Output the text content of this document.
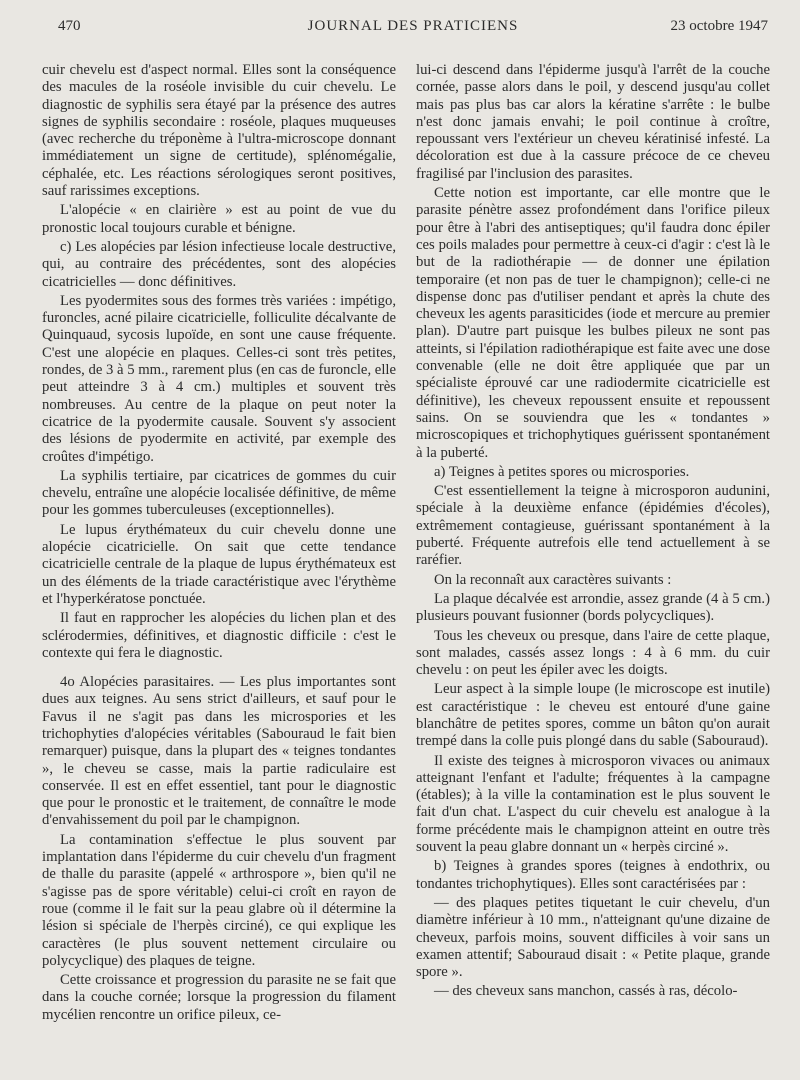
470	JOURNAL DES PRATICIENS	23 octobre 1947

cuir chevelu est d'aspect normal. Elles sont la conséquence des macules de la roséole invisible du cuir chevelu. Le diagnostic de syphilis sera étayé par la présence des autres signes de syphilis secondaire : roséole, plaques muqueuses (avec recherche du tréponème à l'ultra-microscope donnant immédiatement un signe de certitude), splénomégalie, céphalée, etc. Les réactions sérologiques seront positives, sauf rarissimes exceptions.

L'alopécie « en clairière » est au point de vue du pronostic local toujours curable et bénigne.

c) Les alopécies par lésion infectieuse locale destructive, qui, au contraire des précédentes, sont des alopécies cicatricielles — donc définitives.

Les pyodermites sous des formes très variées : impétigo, furoncles, acné pilaire cicatricielle, folliculite décalvante de Quinquaud, sycosis lupoïde, en sont une cause fréquente. C'est une alopécie en plaques. Celles-ci sont très petites, rondes, de 3 à 5 mm., rarement plus (en cas de furoncle, elle peut atteindre 3 à 4 cm.) multiples et souvent très nombreuses. Au centre de la plaque on peut noter la cicatrice de la pyodermite causale. Souvent s'y associent des lésions de pyodermite en activité, par exemple des croûtes d'impétigo.

La syphilis tertiaire, par cicatrices de gommes du cuir chevelu, entraîne une alopécie localisée définitive, de même pour les gommes tuberculeuses (exceptionnelles).

Le lupus érythémateux du cuir chevelu donne une alopécie cicatricielle. On sait que cette tendance cicatricielle centrale de la plaque de lupus érythémateux est un des éléments de la triade caractéristique avec l'érythème et l'hyperkératose ponctuée.

Il faut en rapprocher les alopécies du lichen plan et des sclérodermies, définitives, et diagnostic difficile : c'est le contexte qui fera le diagnostic.

4o Alopécies parasitaires. — Les plus importantes sont dues aux teignes. Au sens strict d'ailleurs, et sauf pour le Favus il ne s'agit pas dans les microspories et les trichophyties d'alopécies véritables (Sabouraud le fait bien remarquer) puisque, dans la plupart des « teignes tondantes », le cheveu se casse, mais la partie radiculaire est conservée. Il est en effet essentiel, tant pour le diagnostic que pour le pronostic et le traitement, de connaître le mode d'envahissement du poil par le champignon.

La contamination s'effectue le plus souvent par implantation dans l'épiderme du cuir chevelu d'un fragment de thalle du parasite (appelé « arthrospore », bien qu'il ne s'agisse pas de spore véritable) celui-ci croît en rayon de roue (comme il le fait sur la peau glabre où il détermine la lésion si spéciale de l'herpès circiné), ce qui explique les caractères (le plus souvent nettement circulaire ou polycyclique) des plaques de teigne.

Cette croissance et progression du parasite ne se fait que dans la couche cornée; lorsque la progression du filament mycélien rencontre un orifice pileux, ce-

lui-ci descend dans l'épiderme jusqu'à l'arrêt de la couche cornée, passe alors dans le poil, y descend jusqu'au collet mais pas plus bas car alors la kératine s'arrête : le bulbe n'est donc jamais envahi; le poil continue à croître, repoussant vers l'extérieur un cheveu kératinisé infesté. La décoloration est due à la cassure précoce de ce cheveu fragilisé par l'inclusion des parasites.

Cette notion est importante, car elle montre que le parasite pénètre assez profondément dans l'orifice pileux pour être à l'abri des antiseptiques; qu'il faudra donc épiler ces poils malades pour permettre à ceux-ci d'agir : c'est là le but de la radiothérapie — de donner une épilation temporaire (et non pas de tuer le champignon); celle-ci ne dispense donc pas d'utiliser pendant et après la chute des cheveux les agents parasiticides (iode et mercure au premier plan). D'autre part puisque les bulbes pileux ne sont pas atteints, si l'épilation radiothérapique est faite avec une dose convenable (elle ne doit être appliquée que par un spécialiste éprouvé car une radiodermite cicatricielle est définitive), les cheveux repoussent ensuite et repoussent sains. On se souviendra que les « tondantes » microscopiques et trichophytiques guérissent spontanément à la puberté.

a) Teignes à petites spores ou microspories.

C'est essentiellement la teigne à microsporon audunini, spéciale à la deuxième enfance (épidémies d'écoles), extrêmement contagieuse, guérissant spontanément à la puberté. Fréquente autrefois elle tend actuellement à se raréfier.

On la reconnaît aux caractères suivants :

La plaque décalvée est arrondie, assez grande (4 à 5 cm.) plusieurs pouvant fusionner (bords polycycliques).

Tous les cheveux ou presque, dans l'aire de cette plaque, sont malades, cassés assez longs : 4 à 6 mm. du cuir chevelu : on peut les épiler avec les doigts.

Leur aspect à la simple loupe (le microscope est inutile) est caractéristique : le cheveu est entouré d'une gaine blanchâtre de petites spores, comme un bâton qu'on aurait trempé dans la colle puis plongé dans du sable (Sabouraud).

Il existe des teignes à microsporon vivaces ou animaux atteignant l'enfant et l'adulte; fréquentes à la campagne (étables); à la ville la contamination est le plus souvent le fait d'un chat. L'aspect du cuir chevelu est analogue à la forme précédente mais le champignon atteint en outre très souvent la peau glabre donnant un « herpès circiné ».

b) Teignes à grandes spores (teignes à endothrix, ou tondantes trichophytiques). Elles sont caractérisées par :

— des plaques petites tiquetant le cuir chevelu, d'un diamètre inférieur à 10 mm., n'atteignant qu'une dizaine de cheveux, parfois moins, souvent difficiles à voir sans un examen attentif; Sabouraud disait : « Petite plaque, grande spore ».

— des cheveux sans manchon, cassés à ras, décolo-
